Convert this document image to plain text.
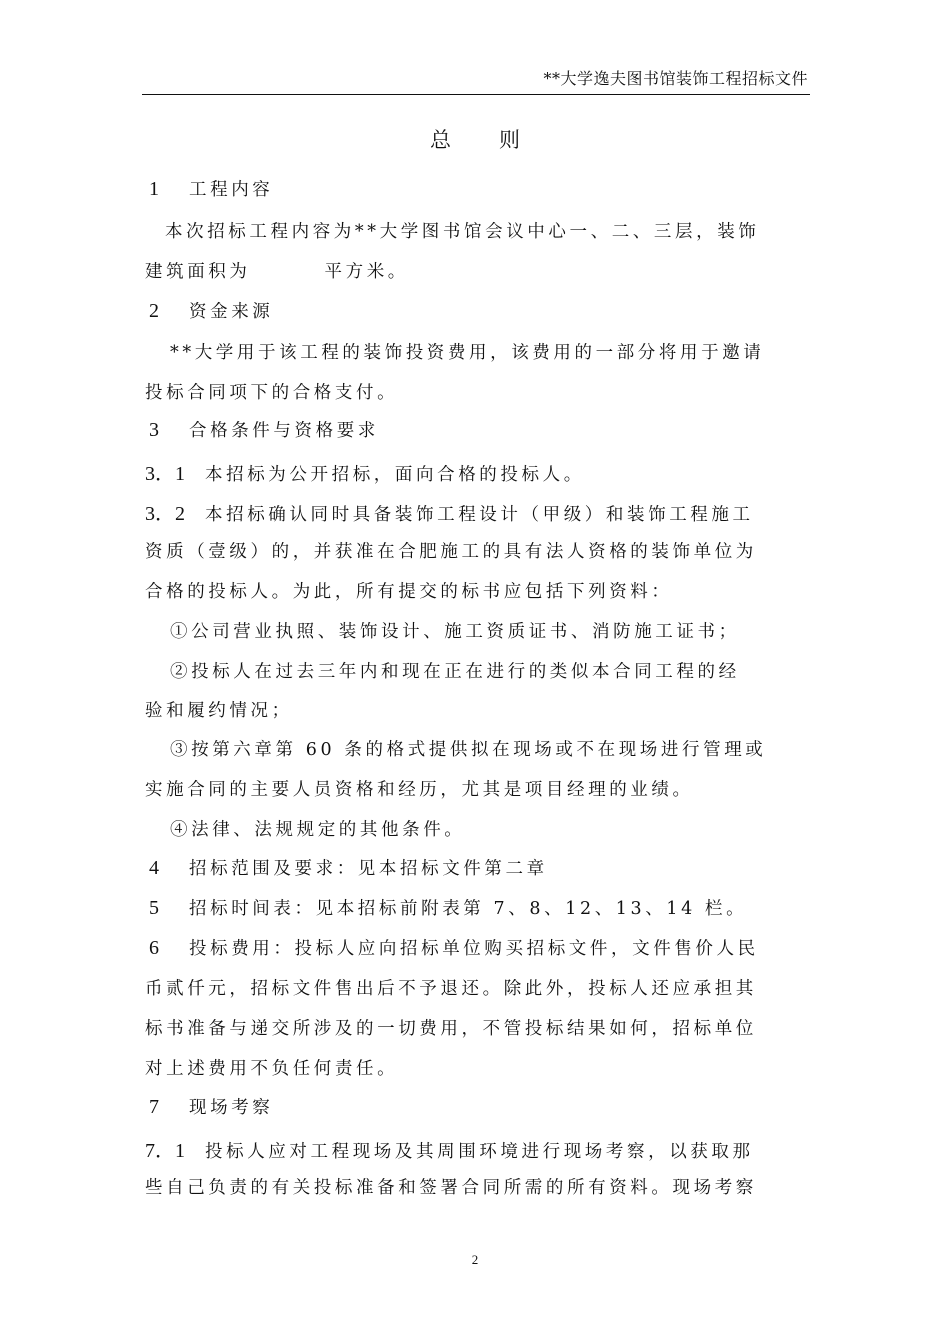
**大学逸夫图书馆装饰工程招标文件
总则
1 工程内容
本次招标工程内容为**大学图书馆会议中心一、二、三层，装饰
建筑面积为	平方米。
2 资金来源
**大学用于该工程的装饰投资费用，该费用的一部分将用于邀请
投标合同项下的合格支付。
3 合格条件与资格要求
3．1 本招标为公开招标，面向合格的投标人。
3．2 本招标确认同时具备装饰工程设计（甲级）和装饰工程施工
资质（壹级）的，并获准在合肥施工的具有法人资格的装饰单位为
合格的投标人。为此，所有提交的标书应包括下列资料：
①公司营业执照、装饰设计、施工资质证书、消防施工证书；
②投标人在过去三年内和现在正在进行的类似本合同工程的经
验和履约情况；
③按第六章第 60 条的格式提供拟在现场或不在现场进行管理或
实施合同的主要人员资格和经历，尤其是项目经理的业绩。
④法律、法规规定的其他条件。
4 招标范围及要求：见本招标文件第二章
5 招标时间表：见本招标前附表第 7、8、12、13、14 栏。
6 投标费用：投标人应向招标单位购买招标文件，文件售价人民
币贰仟元，招标文件售出后不予退还。除此外，投标人还应承担其
标书准备与递交所涉及的一切费用，不管投标结果如何，招标单位
对上述费用不负任何责任。
7 现场考察
7．1 投标人应对工程现场及其周围环境进行现场考察，以获取那
些自己负责的有关投标准备和签署合同所需的所有资料。现场考察
2
